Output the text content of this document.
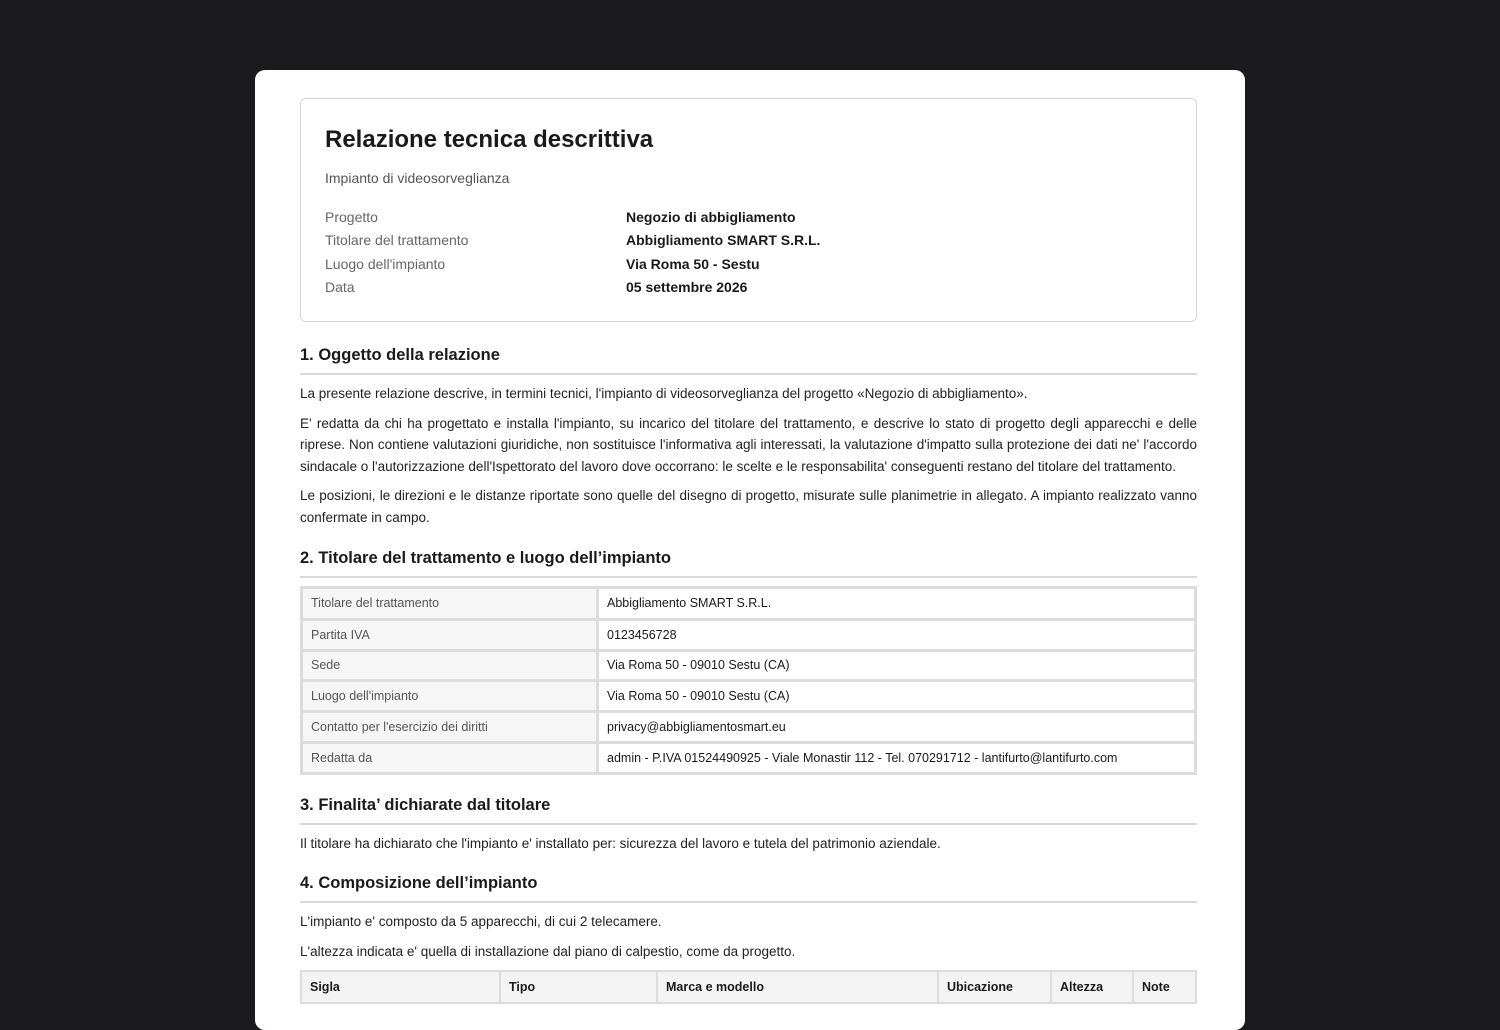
Relazione tecnica descrittiva
Impianto di videosorveglianza
Progetto	Negozio di abbigliamento
Titolare del trattamento	Abbigliamento SMART S.R.L.
Luogo dell'impianto	Via Roma 50 - Sestu
Data	05 settembre 2026
1. Oggetto della relazione

La presente relazione descrive, in termini tecnici, l'impianto di videosorveglianza del progetto «Negozio di abbigliamento».

E' redatta da chi ha progettato e installa l'impianto, su incarico del titolare del trattamento, e descrive lo stato di progetto degli apparecchi e delle riprese. Non contiene valutazioni giuridiche, non sostituisce l'informativa agli interessati, la valutazione d'impatto sulla protezione dei dati ne' l'accordo sindacale o l'autorizzazione dell'Ispettorato del lavoro dove occorrano: le scelte e le responsabilita' conseguenti restano del titolare del trattamento.

Le posizioni, le direzioni e le distanze riportate sono quelle del disegno di progetto, misurate sulle planimetrie in allegato. A impianto realizzato vanno confermate in campo.

2. Titolare del trattamento e luogo dell’impianto
Titolare del trattamento	Abbigliamento SMART S.R.L.
Partita IVA	0123456728
Sede	Via Roma 50 - 09010 Sestu (CA)
Luogo dell'impianto	Via Roma 50 - 09010 Sestu (CA)
Contatto per l'esercizio dei diritti	privacy@abbigliamentosmart.eu
Redatta da	admin - P.IVA 01524490925 - Viale Monastir 112 - Tel. 070291712 - lantifurto@lantifurto.com
3. Finalita’ dichiarate dal titolare

Il titolare ha dichiarato che l'impianto e' installato per: sicurezza del lavoro e tutela del patrimonio aziendale.

4. Composizione dell’impianto

L'impianto e' composto da 5 apparecchi, di cui 2 telecamere.

L'altezza indicata e' quella di installazione dal piano di calpestio, come da progetto.

Sigla	Tipo	Marca e modello	Ubicazione	Altezza	Note
